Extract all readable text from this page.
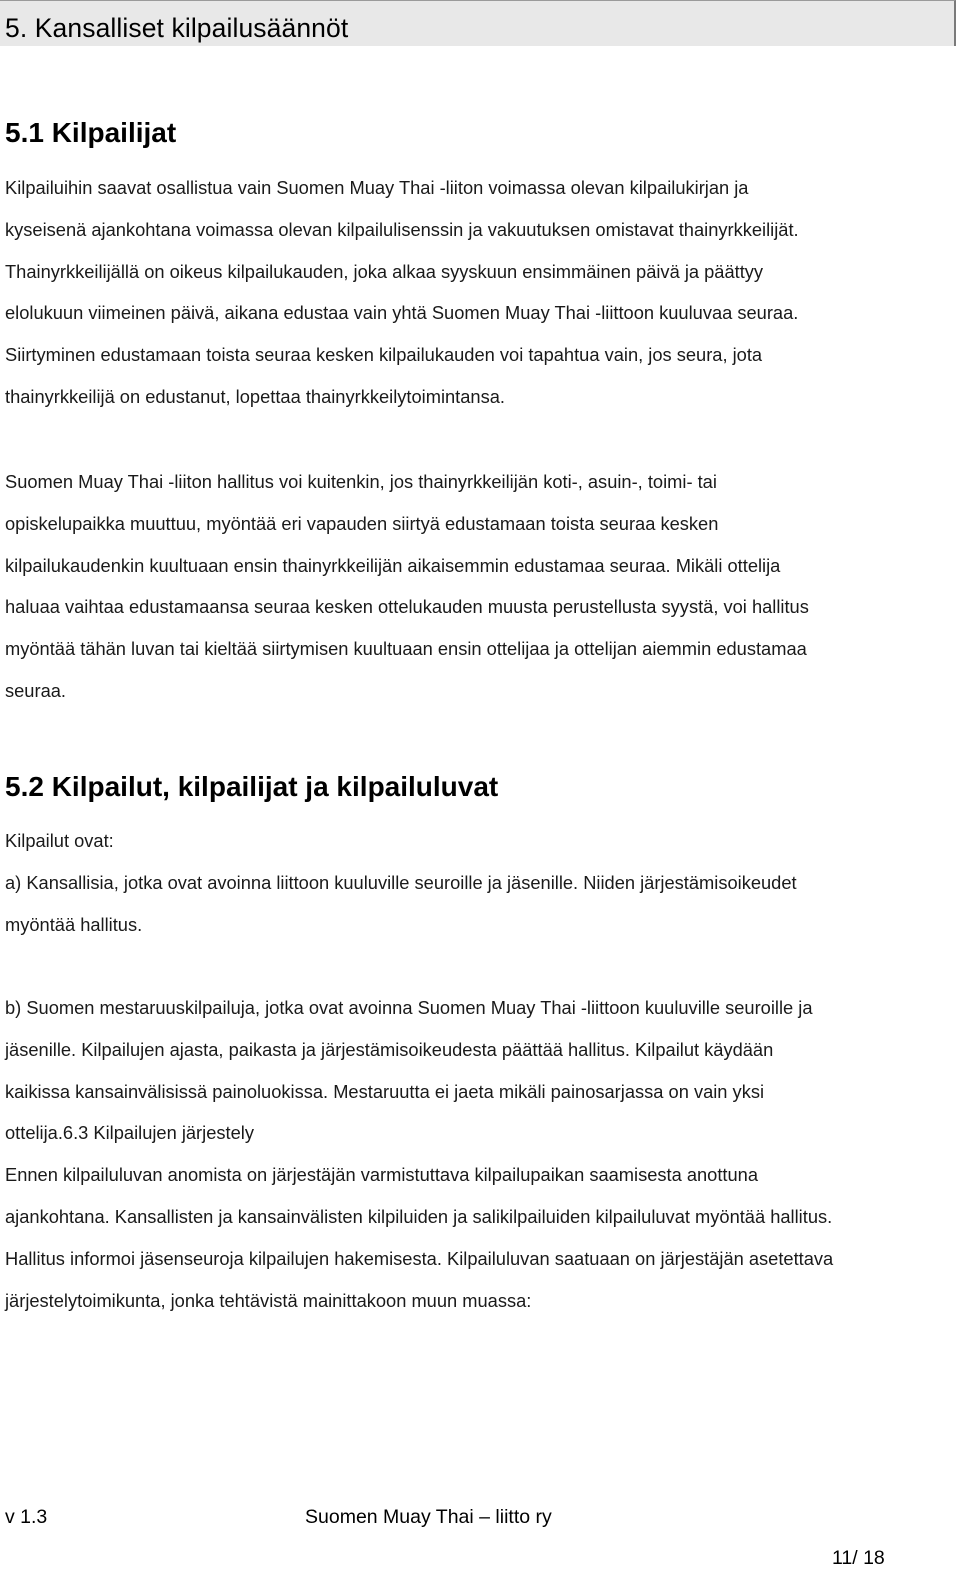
5. Kansalliset kilpailusäännöt
5.1 Kilpailijat
Kilpailuihin saavat osallistua vain Suomen Muay Thai -liiton voimassa olevan kilpailukirjan ja
kyseisenä ajankohtana voimassa olevan kilpailulisenssin ja vakuutuksen omistavat thainyrkkeilijät.
Thainyrkkeilijällä on oikeus kilpailukauden, joka alkaa syyskuun ensimmäinen päivä ja päättyy
elolukuun viimeinen päivä, aikana edustaa vain yhtä Suomen Muay Thai -liittoon kuuluvaa seuraa.
Siirtyminen edustamaan toista seuraa kesken kilpailukauden voi tapahtua vain, jos seura, jota
thainyrkkeilijä on edustanut, lopettaa thainyrkkeilytoimintansa.
Suomen Muay Thai -liiton hallitus voi kuitenkin, jos thainyrkkeilijän koti-, asuin-, toimi- tai
opiskelupaikka muuttuu, myöntää eri vapauden siirtyä edustamaan toista seuraa kesken
kilpailukaudenkin kuultuaan ensin thainyrkkeilijän aikaisemmin edustamaa seuraa. Mikäli ottelija
haluaa vaihtaa edustamaansa seuraa kesken ottelukauden muusta perustellusta syystä, voi hallitus
myöntää tähän luvan tai kieltää siirtymisen kuultuaan ensin ottelijaa ja ottelijan aiemmin edustamaa
seuraa.
5.2 Kilpailut, kilpailijat ja kilpailuluvat
Kilpailut ovat:
a) Kansallisia, jotka ovat avoinna liittoon kuuluville seuroille ja jäsenille. Niiden järjestämisoikeudet
myöntää hallitus.
b) Suomen mestaruuskilpailuja, jotka ovat avoinna Suomen Muay Thai -liittoon kuuluville seuroille ja
jäsenille. Kilpailujen ajasta, paikasta ja järjestämisoikeudesta päättää hallitus. Kilpailut käydään
kaikissa kansainvälisissä painoluokissa. Mestaruutta ei jaeta mikäli painosarjassa on vain yksi
ottelija.6.3 Kilpailujen järjestely
Ennen kilpailuluvan anomista on järjestäjän varmistuttava kilpailupaikan saamisesta anottuna
ajankohtana. Kansallisten ja kansainvälisten kilpiluiden ja salikilpailuiden kilpailuluvat myöntää hallitus.
Hallitus informoi jäsenseuroja kilpailujen hakemisesta. Kilpailuluvan saatuaan on järjestäjän asetettava
järjestelytoimikunta, jonka tehtävistä mainittakoon muun muassa:

v 1.3	Suomen Muay Thai – liitto ry

11/ 18
